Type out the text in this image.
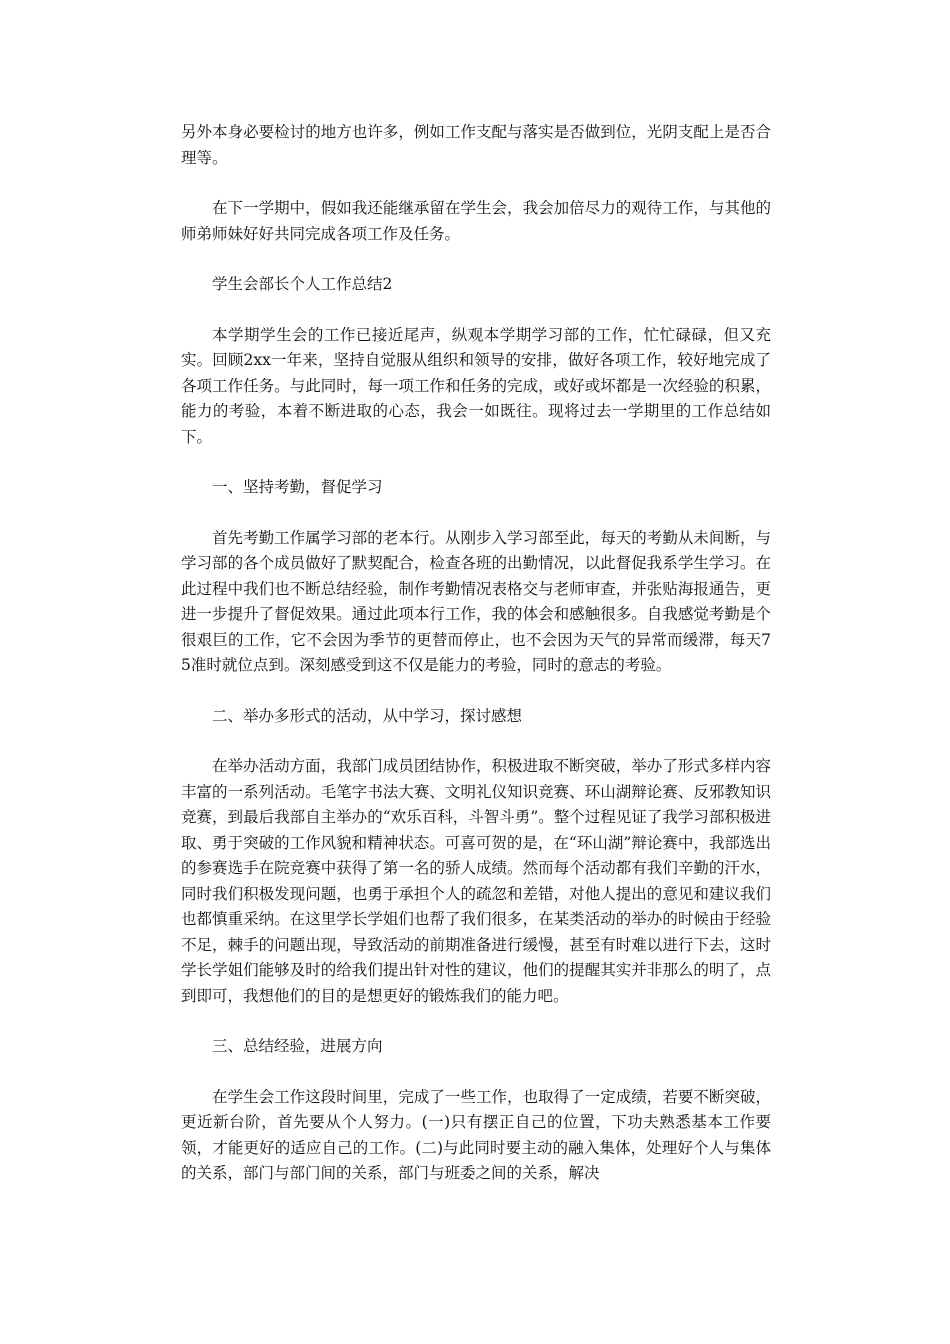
另外本身必要检讨的地方也许多，例如工作支配与落实是否做到位，光阴支配上是否合理等。

在下一学期中，假如我还能继承留在学生会，我会加倍尽力的观待工作，与其他的师弟师妹好好共同完成各项工作及任务。

学生会部长个人工作总结2

本学期学生会的工作已接近尾声，纵观本学期学习部的工作，忙忙碌碌，但又充实。回顾2xx一年来，坚持自觉服从组织和领导的安排，做好各项工作，较好地完成了各项工作任务。与此同时，每一项工作和任务的完成，或好或坏都是一次经验的积累，能力的考验，本着不断进取的心态，我会一如既往。现将过去一学期里的工作总结如下。

一、坚持考勤，督促学习

首先考勤工作属学习部的老本行。从刚步入学习部至此，每天的考勤从未间断，与学习部的各个成员做好了默契配合，检查各班的出勤情况，以此督促我系学生学习。在此过程中我们也不断总结经验，制作考勤情况表格交与老师审查，并张贴海报通告，更进一步提升了督促效果。通过此项本行工作，我的体会和感触很多。自我感觉考勤是个很艰巨的工作，它不会因为季节的更替而停止，也不会因为天气的异常而缓滞，每天75准时就位点到。深刻感受到这不仅是能力的考验，同时的意志的考验。

二、举办多形式的活动，从中学习，探讨感想

在举办活动方面，我部门成员团结协作，积极进取不断突破，举办了形式多样内容丰富的一系列活动。毛笔字书法大赛、文明礼仪知识竞赛、环山湖辩论赛、反邪教知识竞赛，到最后我部自主举办的“欢乐百科，斗智斗勇”。整个过程见证了我学习部积极进取、勇于突破的工作风貌和精神状态。可喜可贺的是，在“环山湖”辩论赛中，我部选出的参赛选手在院竞赛中获得了第一名的骄人成绩。然而每个活动都有我们辛勤的汗水，同时我们积极发现问题，也勇于承担个人的疏忽和差错，对他人提出的意见和建议我们也都慎重采纳。在这里学长学姐们也帮了我们很多，在某类活动的举办的时候由于经验不足，棘手的问题出现，导致活动的前期准备进行缓慢，甚至有时难以进行下去，这时学长学姐们能够及时的给我们提出针对性的建议，他们的提醒其实并非那么的明了，点到即可，我想他们的目的是想更好的锻炼我们的能力吧。

三、总结经验，进展方向

在学生会工作这段时间里，完成了一些工作，也取得了一定成绩，若要不断突破，更近新台阶，首先要从个人努力。(一)只有摆正自己的位置，下功夫熟悉基本工作要领，才能更好的适应自己的工作。(二)与此同时要主动的融入集体，处理好个人与集体的关系，部门与部门间的关系，部门与班委之间的关系，解决
